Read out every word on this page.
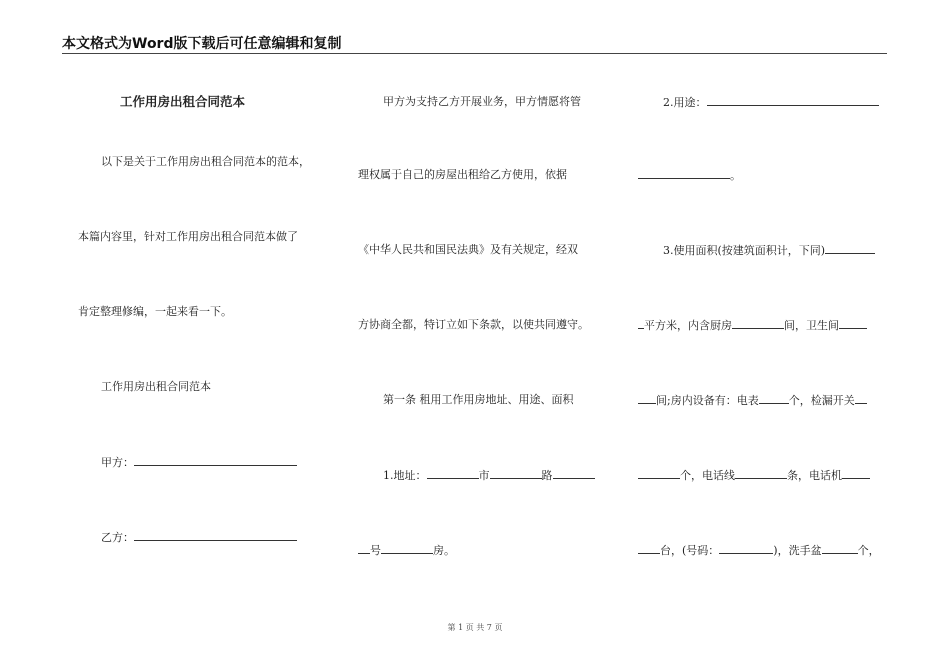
本文格式为Word版下载后可任意编辑和复制
工作用房出租合同范本
以下是关于工作用房出租合同范本的范本，
本篇内容里，针对工作用房出租合同范本做了
肯定整理修编，一起来看一下。
工作用房出租合同范本
甲方：
乙方：
甲方为支持乙方开展业务，甲方情愿将管
理权属于自己的房屋出租给乙方使用，依据
《中华人民共和国民法典》及有关规定，经双
方协商全都，特订立如下条款，以使共同遵守。
第一条 租用工作用房地址、用途、面积
1.地址：	市	路
号	房。
2.用途：
。
3.使用面积(按建筑面积计，下同)
平方米，内含厨房	间，卫生间
间;房内设备有：电表	个，检漏开关
个，电话线	条，电话机
台，(号码：	)，洗手盆	个，
第 1 页 共 7 页
